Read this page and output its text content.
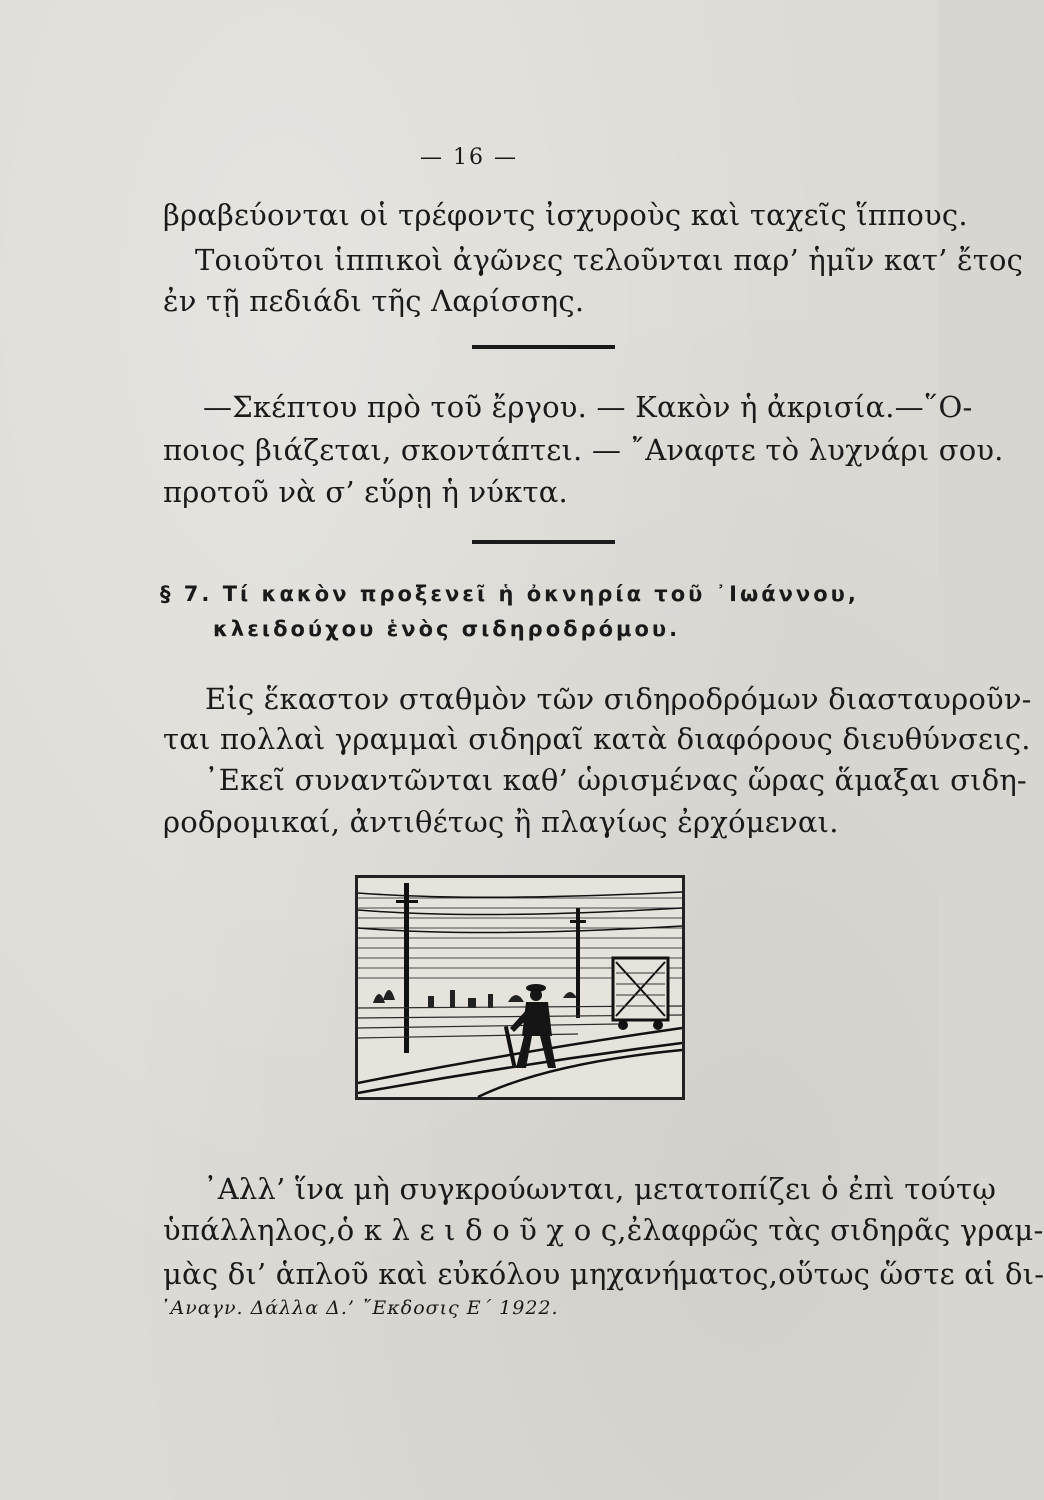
— 16 —
βραβεύονται οἱ τρέφοντς ἰσχυροὺς καὶ ταχεῖς ἵππους.
Τοιοῦτοι ἱππικοὶ ἀγῶνες τελοῦνται παρ’ ἡμῖν κατ’ ἔτος
ἐν τῇ πεδιάδι τῆς Λαρίσσης.
—Σκέπτου πρὸ τοῦ ἔργου. — Κακὸν ἡ ἀκρισία.—῞Ο-
ποιος βιάζεται, σκοντάπτει. — ῎Αναφτε τὸ λυχνάρι σου.
προτοῦ νὰ σ’ εὕρῃ ἡ νύκτα.
§ 7. Τί κακὸν προξενεῖ ἡ ὀκνηρία τοῦ ᾿Ιωάννου,
κλειδούχου ἑνὸς σιδηροδρόμου.
Εἰς ἕκαστον σταθμὸν τῶν σιδηροδρόμων διασταυροῦν-
ται πολλαὶ γραμμαὶ σιδηραῖ κατὰ διαφόρους διευθύνσεις.
᾿Εκεῖ συναντῶνται καθ’ ὡρισμένας ὥρας ἅμαξαι σιδη-
ροδρομικαί, ἀντιθέτως ἢ πλαγίως ἐρχόμεναι.
᾿Αλλ’ ἵνα μὴ συγκρούωνται, μετατοπίζει ὁ ἐπὶ τούτῳ
ὑπάλληλος,ὁ κ λ ε ι δ ο ῦ χ ο ς,ἐλαφρῶς τὰς σιδηρᾶς γραμ-
μὰς δι’ ἁπλοῦ καὶ εὐκόλου μηχανήματος,οὕτως ὥστε αἱ δι-
᾿Αναγν. Δάλλα Δ.’ ῎Εκδοσις Ε΄ 1922.
